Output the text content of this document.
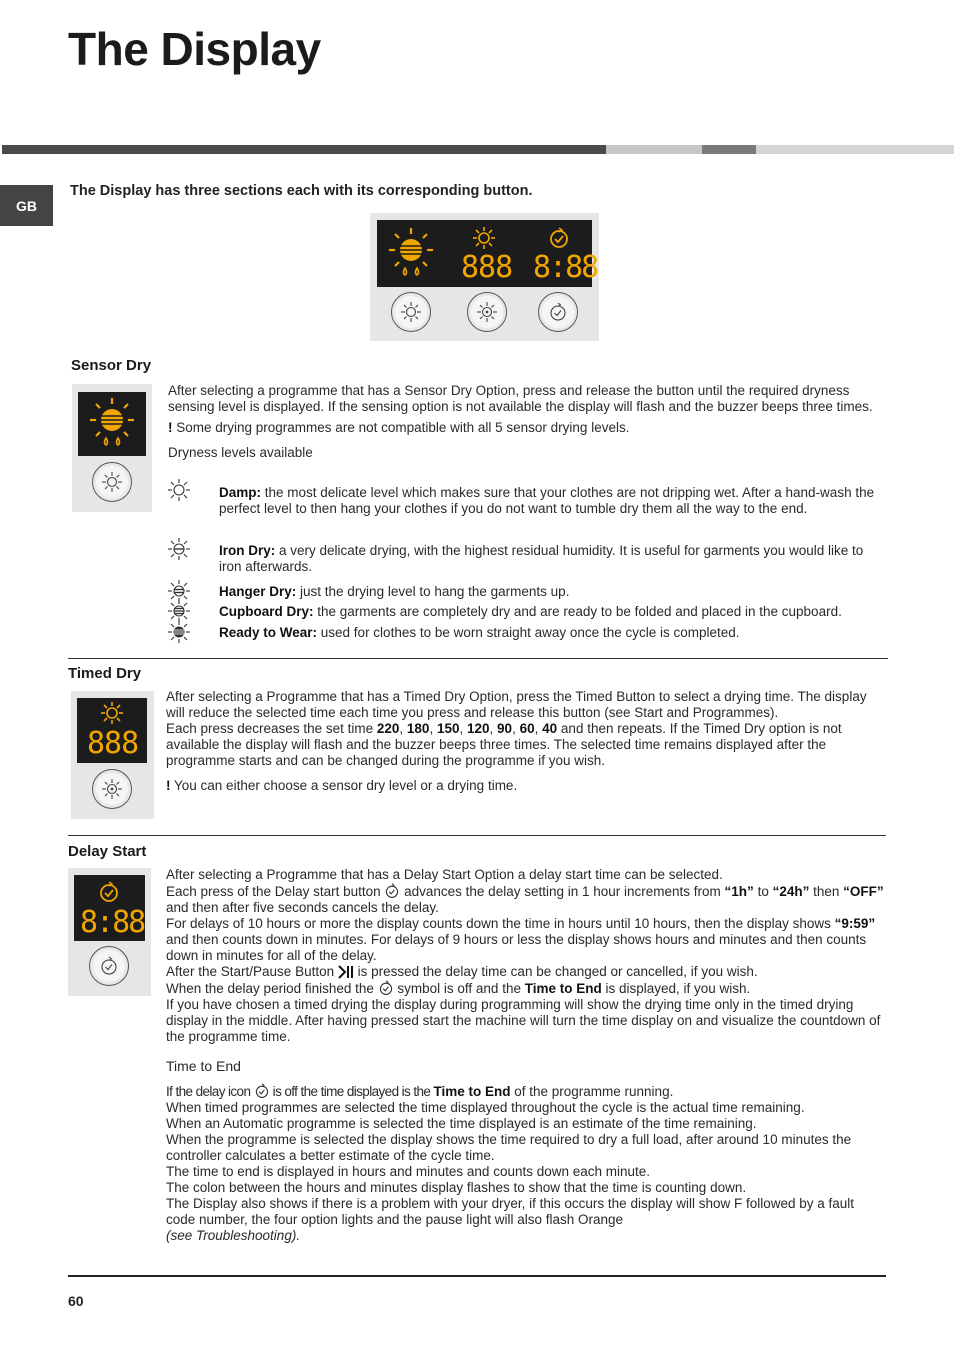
The Display
GB
The Display has three sections each with its corresponding button.
888 8:88
Sensor Dry

After selecting a programme that has a Sensor Dry Option, press and release the button until the required dryness sensing level is displayed. If the sensing option is not available the display will flash and the buzzer beeps three times.

! Some drying programmes are not compatible with all 5 sensor drying levels.

Dryness levels available

Damp: the most delicate level which makes sure that your clothes are not dripping wet. After a hand-wash the perfect level to then hang your clothes if you do not want to tumble dry them all the way to the end.
Iron Dry: a very delicate drying, with the highest residual humidity. It is useful for garments you would like to iron afterwards.
Hanger Dry: just the drying level to hang the garments up.
Cupboard Dry: the garments are completely dry and are ready to be folded and placed in the cupboard.
Ready to Wear: used for clothes to be worn straight away once the cycle is completed.
Timed Dry
888

After selecting a Programme that has a Timed Dry Option, press the Timed Button to select a drying time. The display will reduce the selected time each time you press and release this button (see Start and Programmes).

Each press decreases the set time 220, 180, 150, 120, 90, 60, 40 and then repeats. If the Timed Dry option is not available the display will flash and the buzzer beeps three times. The selected time remains displayed after the programme starts and can be changed during the programme if you wish.

! You can either choose a sensor dry level or a drying time.

Delay Start
8:88

After selecting a Programme that has a Delay Start Option a delay start time can be selected.

Each press of the Delay start button  advances the delay setting in 1 hour increments from “1h” to “24h” then “OFF” and then after five seconds cancels the delay.

For delays of 10 hours or more the display counts down the time in hours until 10 hours, then the display shows “9:59” and then counts down in minutes. For delays of 9 hours or less the display shows hours and minutes and then counts down in minutes for all of the delay.

After the Start/Pause Button  is pressed the delay time can be changed or cancelled, if you wish.

When the delay period finished the  symbol is off and the Time to End is displayed, if you wish.

If you have chosen a timed drying the display during programming will show the drying time only in the timed drying display in the middle. After having pressed start the machine will turn the time display on and visualize the countdown of the programme time.

Time to End

If the delay icon  is off the time displayed is the Time to End of the programme running.

When timed programmes are selected the time displayed throughout the cycle is the actual time remaining.

When an Automatic programme is selected the time displayed is an estimate of the time remaining.

When the programme is selected the display shows the time required to dry a full load, after around 10 minutes the controller calculates a better estimate of the cycle time.

The time to end is displayed in hours and minutes and counts down each minute.

The colon between the hours and minutes display flashes to show that the time is counting down.

The Display also shows if there is a problem with your dryer, if this occurs the display will show F followed by a fault code number, the four option lights and the pause light will also flash Orange

(see Troubleshooting).

60
